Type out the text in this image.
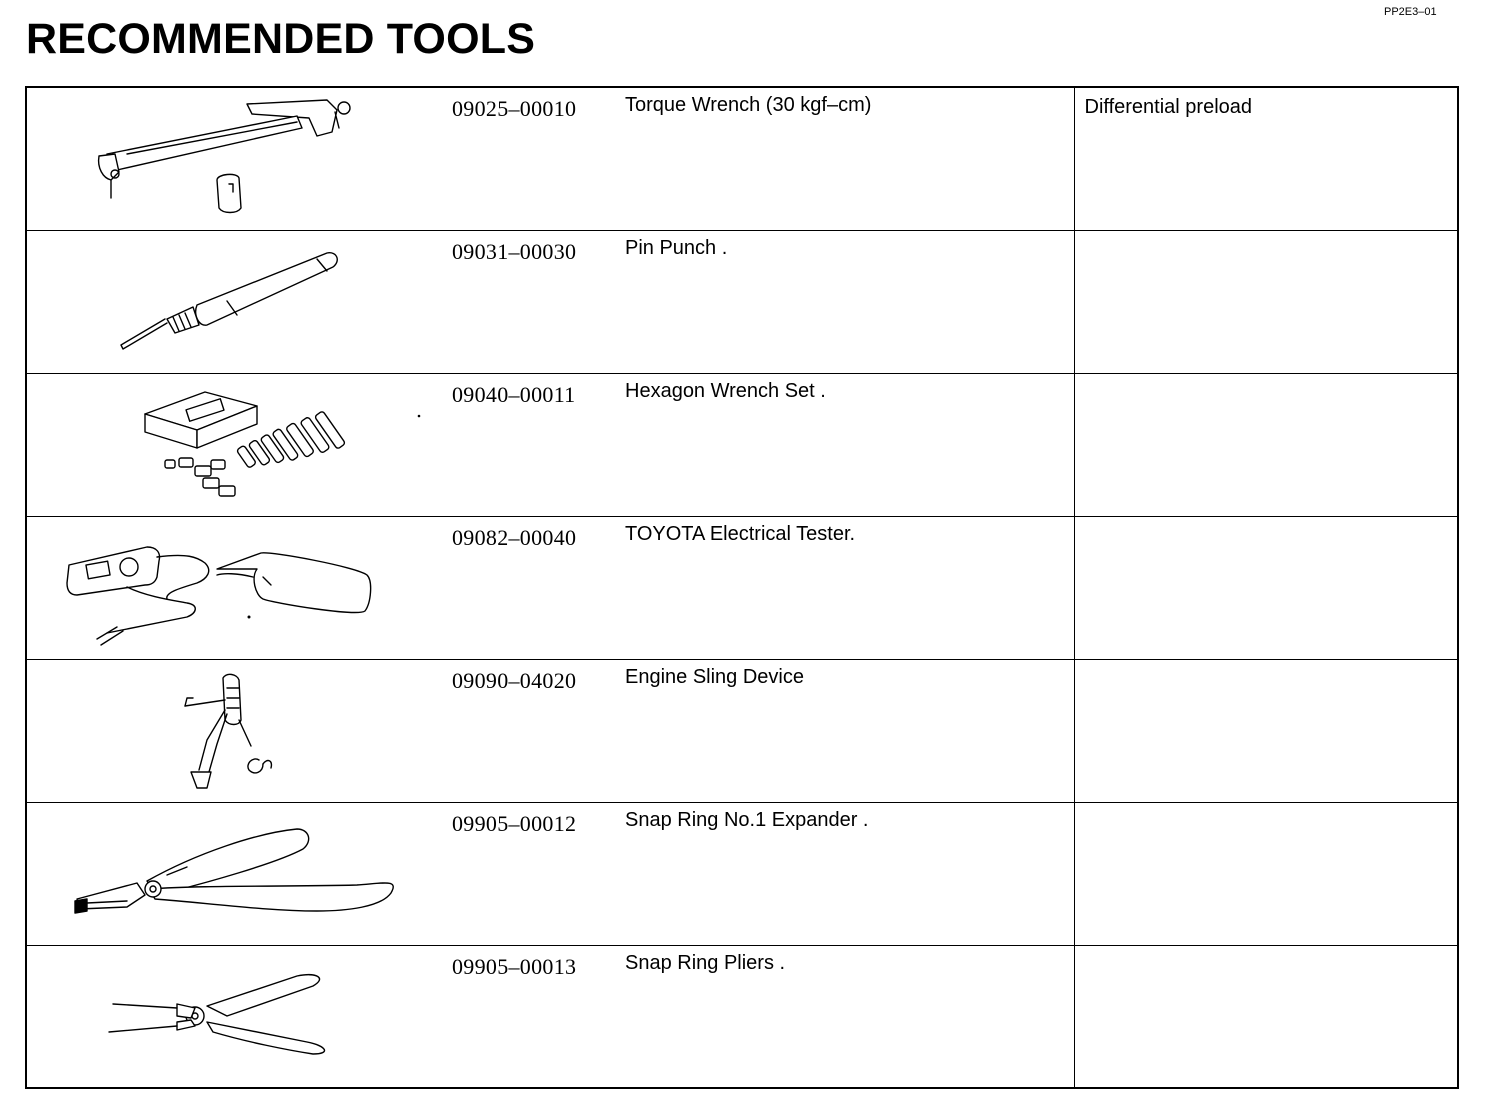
RECOMMENDED TOOLS
PP2E3–01
09025–00010 Torque Wrench (30 kgf–cm)	Differential preload

09031–00030 Pin Punch .	

09040–00011 Hexagon Wrench Set .	

09082–00040 TOYOTA Electrical Tester.	

09090–04020 Engine Sling Device	

09905–00012 Snap Ring No.1 Expander .	

09905–00013 Snap Ring Pliers .	
